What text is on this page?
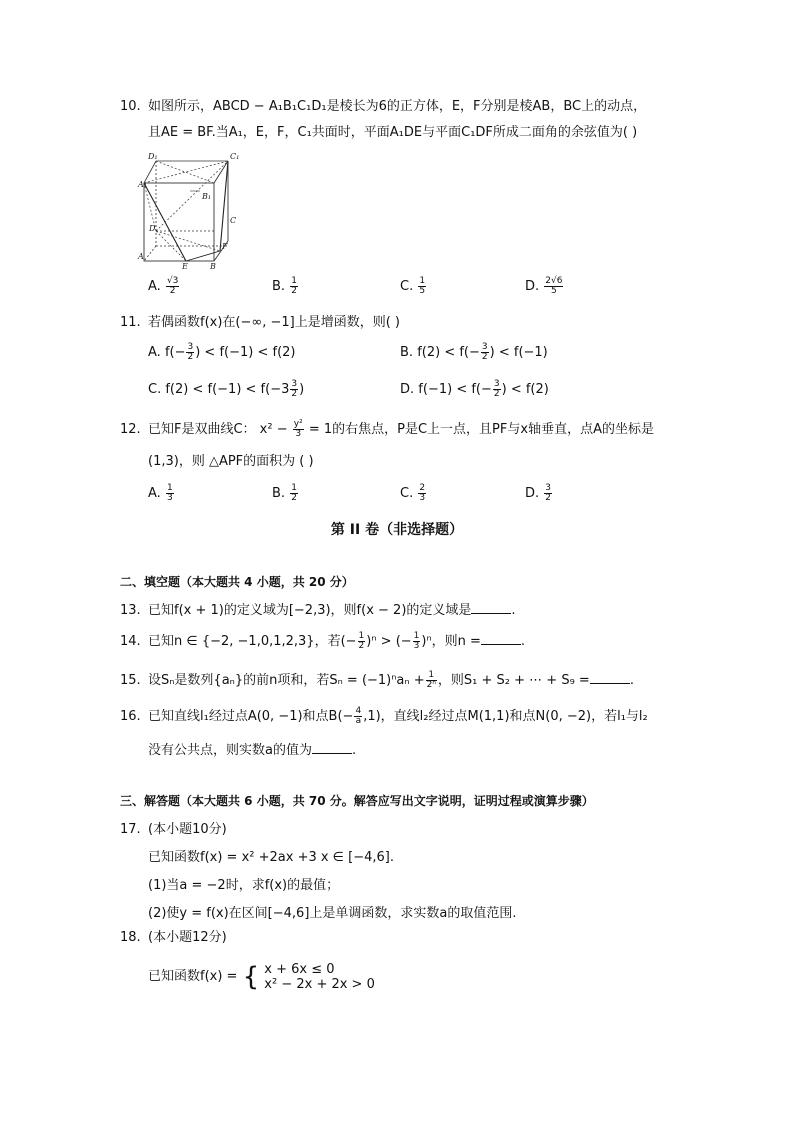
10. 如图所示，ABCD − A₁B₁C₁D₁是棱长为6的正方体，E，F分别是棱AB，BC上的动点，
且AE = BF.当A₁，E，F，C₁共面时，平面A₁DE与平面C₁DF所成二面角的余弦值为( )
D₁	C₁
A₁
B₁
C
D
F
A
E	B
A. $\frac{√3}{2}$	B. $\frac{1}{2}$	C. $\frac{1}{5}$	D. $\frac{2√6}{5}$
11. 若偶函数f(x)在(−∞, −1]上是增函数，则( )
A. $f(- \frac{3}{2}$ ) < f(−1) < f(2)	B. $f(2) < f(- \frac{3}{2}$ ) < f(−1)
C. $f(2) < f(-1) < f(-3 \frac{3}{2}$ )	D. $f(-1) < f(- \frac{3}{2}$ ) < f(2)
12. 已知F是双曲线C： $x^2 - \frac{\text{y²}}{3} = 1$的右焦点，P是C上一点，且PF与x轴垂直，点A的坐标是
(1,3)，则 △APF的面积为 ( )
A. $\frac{1}{3}$	B. $\frac{1}{2}$	C. $\frac{2}{3}$	D. $\frac{3}{2}$
第 II 卷（非选择题）
二、填空题（本大题共 4 小题，共 20 分）
13. 已知f(x + 1)的定义域为[−2,3)，则f(x − 2)的定义域是	.
14. 已知n ∈ {−2, −1,0,1,2,3}，若(− $\frac{1}{2} )^n$ > (− $\frac{1}{3} )^n$，则n =	.
15. 设Sₙ是数列{aₙ}的前n项和，若$S_n = (-1)^na_n + \frac{1}{\text{2ⁿ}}$ ，则S₁ + S₂ + ⋯ + S₉ =	.
16. 已知直线l₁经过点A(0, −1)和点$B(- \frac{4}{a} ,1)$，直线l₂经过点M(1,1)和点N(0, −2)，若l₁与l₂
没有公共点，则实数a的值为	.
三、解答题（本大题共 6 小题，共 70 分。解答应写出文字说明，证明过程或演算步骤）
17. (本小题10分)
已知函数f(x) = x² +2ax +3 x ∈ [−4,6].
(1)当a = −2时，求f(x)的最值；
(2)使y = f(x)在区间[−4,6]上是单调函数，求实数a的取值范围.
18. (本小题12分)
已知函数f(x) = { x + 6x ≤ 0
x² − 2x + 2x > 0
